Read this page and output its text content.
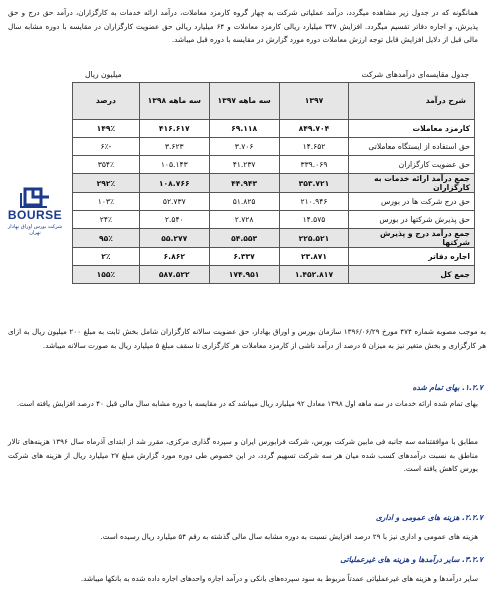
همانگونه که در جدول زیر مشاهده میگردد، درآمد عملیاتی شرکت به چهار گروه کارمزد معاملات، درآمد ارائه خدمات به کارگزاران، درآمد حق درج و حق پذیرش، و اجاره دفاتر تقسیم میگردد. افزایش ۳۴۷ میلیارد ریالی کارمزد معاملات و ۶۴ میلیارد ریالی حق عضویت کارگزاران در مقایسه با دوره مشابه سال مالی قبل از دلایل افزایش قابل توجه ارزش معاملات دوره مورد گزارش در مقایسه با دوره قبل میباشد.
جدول مقایسه‌ای درآمدهای شرکت
میلیون ریال
شرح درآمد	۱۳۹۷	سه ماهه ۱۳۹۷	سه ماهه ۱۳۹۸	درصد
کارمزد معاملات	۸۴۹.۷۰۴	۶۹.۱۱۸	۴۱۶.۶۱۷	۱۴۹٪
حق استفاده از ایستگاه معاملاتی	۱۴.۶۵۲	۳.۷۰۶	۳.۶۲۳	-۶٪
حق عضویت کارگزاران	۳۳۹.۰۶۹	۴۱.۲۳۷	۱۰۵.۱۴۳	۳۵۴٪
جمع درآمد ارائه خدمات به کارگزاران	۳۵۳.۷۲۱	۴۴.۹۴۳	۱۰۸.۷۶۶	۲۹۲٪
حق درج شرکت ها در بورس	۲۱۰.۹۴۶	۵۱.۸۲۵	۵۲.۷۳۷	۱۰۳٪
حق پذیرش شرکتها در بورس	۱۴.۵۷۵	۲.۷۲۸	۲.۵۴۰	۲۴٪
جمع درآمد درج و پذیرش شرکتها	۲۲۵.۵۲۱	۵۴.۵۵۳	۵۵.۲۷۷	۹۵٪
اجاره دفاتر	۲۳.۸۷۱	۶.۳۳۷	۶.۸۶۲	۲٪
جمع کل	۱.۴۵۲.۸۱۷	۱۷۴.۹۵۱	۵۸۷.۵۲۲	۱۵۵٪
BOURSE
شرکت بورس اوراق بهادار تهران
به موجب مصوبه شماره ۴۷۴ مورخ ۱۳۹۶/۰۶/۲۹ سازمان بورس و اوراق بهادار، حق عضویت سالانه کارگزاران شامل بخش ثابت به مبلغ ۲۰۰ میلیون ریال به ازای هر کارگزاری و بخش متغیر نیز به میزان ۵ درصد از درآمد ناشی از کارمزد معاملات هر کارگزاری تا سقف مبلغ ۵ میلیارد ریال به صورت سالانه میباشد.
۱.۲.۷. بهای تمام شده
بهای تمام شده ارائه خدمات در سه ماهه اول ۱۳۹۸ معادل ۹۲ میلیارد ریال میباشد که در مقایسه با دوره مشابه سال مالی قبل ۴۰ درصد افزایش یافته است.
مطابق با موافقتنامه سه جانبه فی مابین شرکت بورس، شرکت فرابورس ایران و سپرده گذاری مرکزی، مقرر شد از ابتدای آذرماه سال ۱۳۹۶ هزینه‌های تالار مناطق به نسبت درآمدهای کسب شده میان هر سه شرکت تسهیم گردد، در این خصوص طی دوره مورد گزارش مبلغ ۲۷ میلیارد ریال از هزینه های شرکت بورس کاهش یافته است.
۲.۲.۷. هزینه های عمومی و اداری
هزینه های عمومی و اداری نیز با ۲۹ درصد افزایش نسبت به دوره مشابه سال مالی گذشته به رقم ۵۴ میلیارد ریال رسیده است.
۳.۲.۷. سایر درآمدها و هزینه های غیرعملیاتی
سایر درآمدها و هزینه های غیرعملیاتی عمدتاً مربوط به سود سپرده‌های بانکی و درآمد اجاره واحدهای اجاره داده شده به بانکها میباشد.
